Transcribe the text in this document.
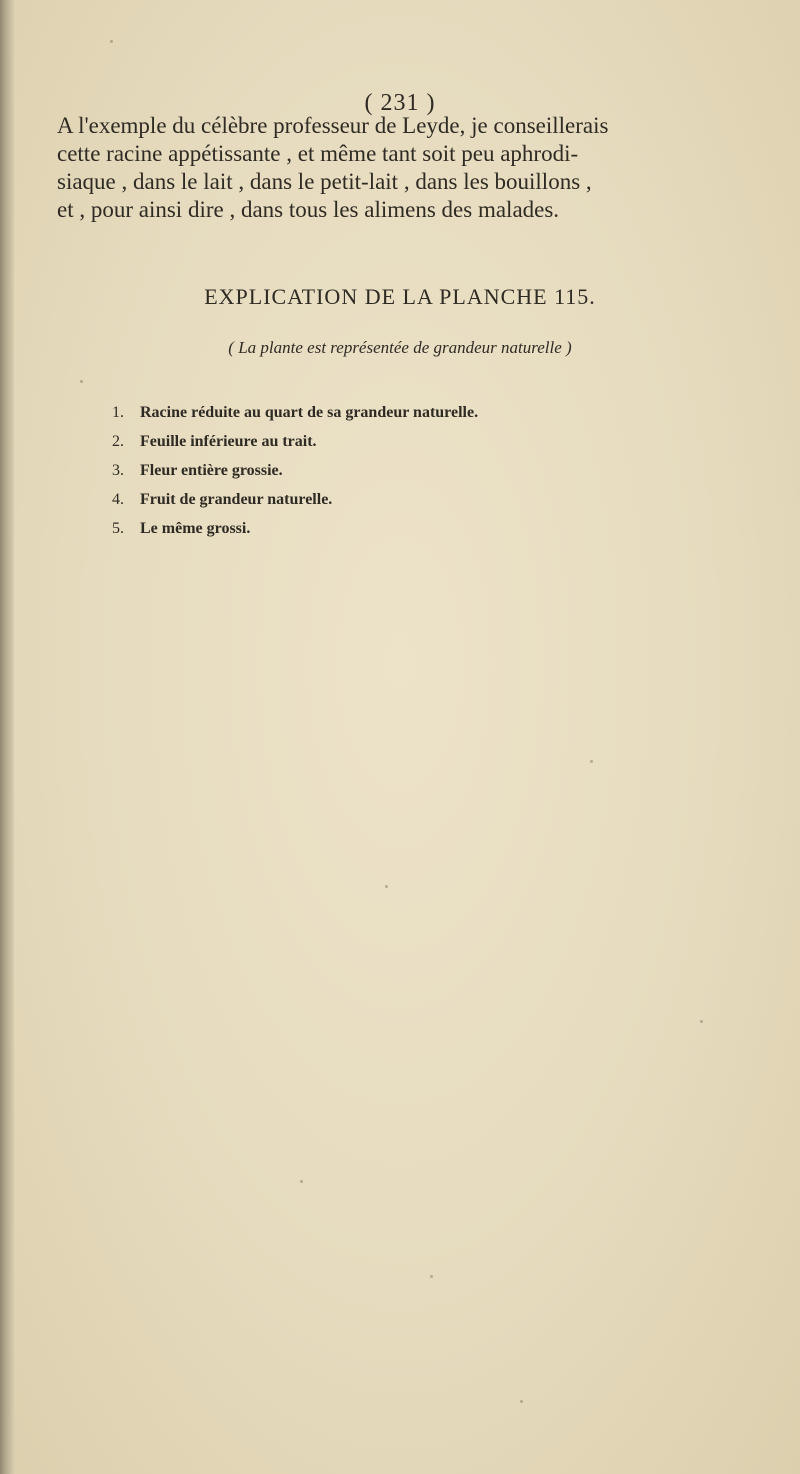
( 231 )
A l'exemple du célèbre professeur de Leyde, je conseillerais
cette racine appétissante , et même tant soit peu aphrodi-
siaque , dans le lait , dans le petit-lait , dans les bouillons ,
et , pour ainsi dire , dans tous les alimens des malades.
EXPLICATION DE LA PLANCHE 115.
( La plante est représentée de grandeur naturelle )
1. Racine réduite au quart de sa grandeur naturelle.
2. Feuille inférieure au trait.
3. Fleur entière grossie.
4. Fruit de grandeur naturelle.
5. Le même grossi.
